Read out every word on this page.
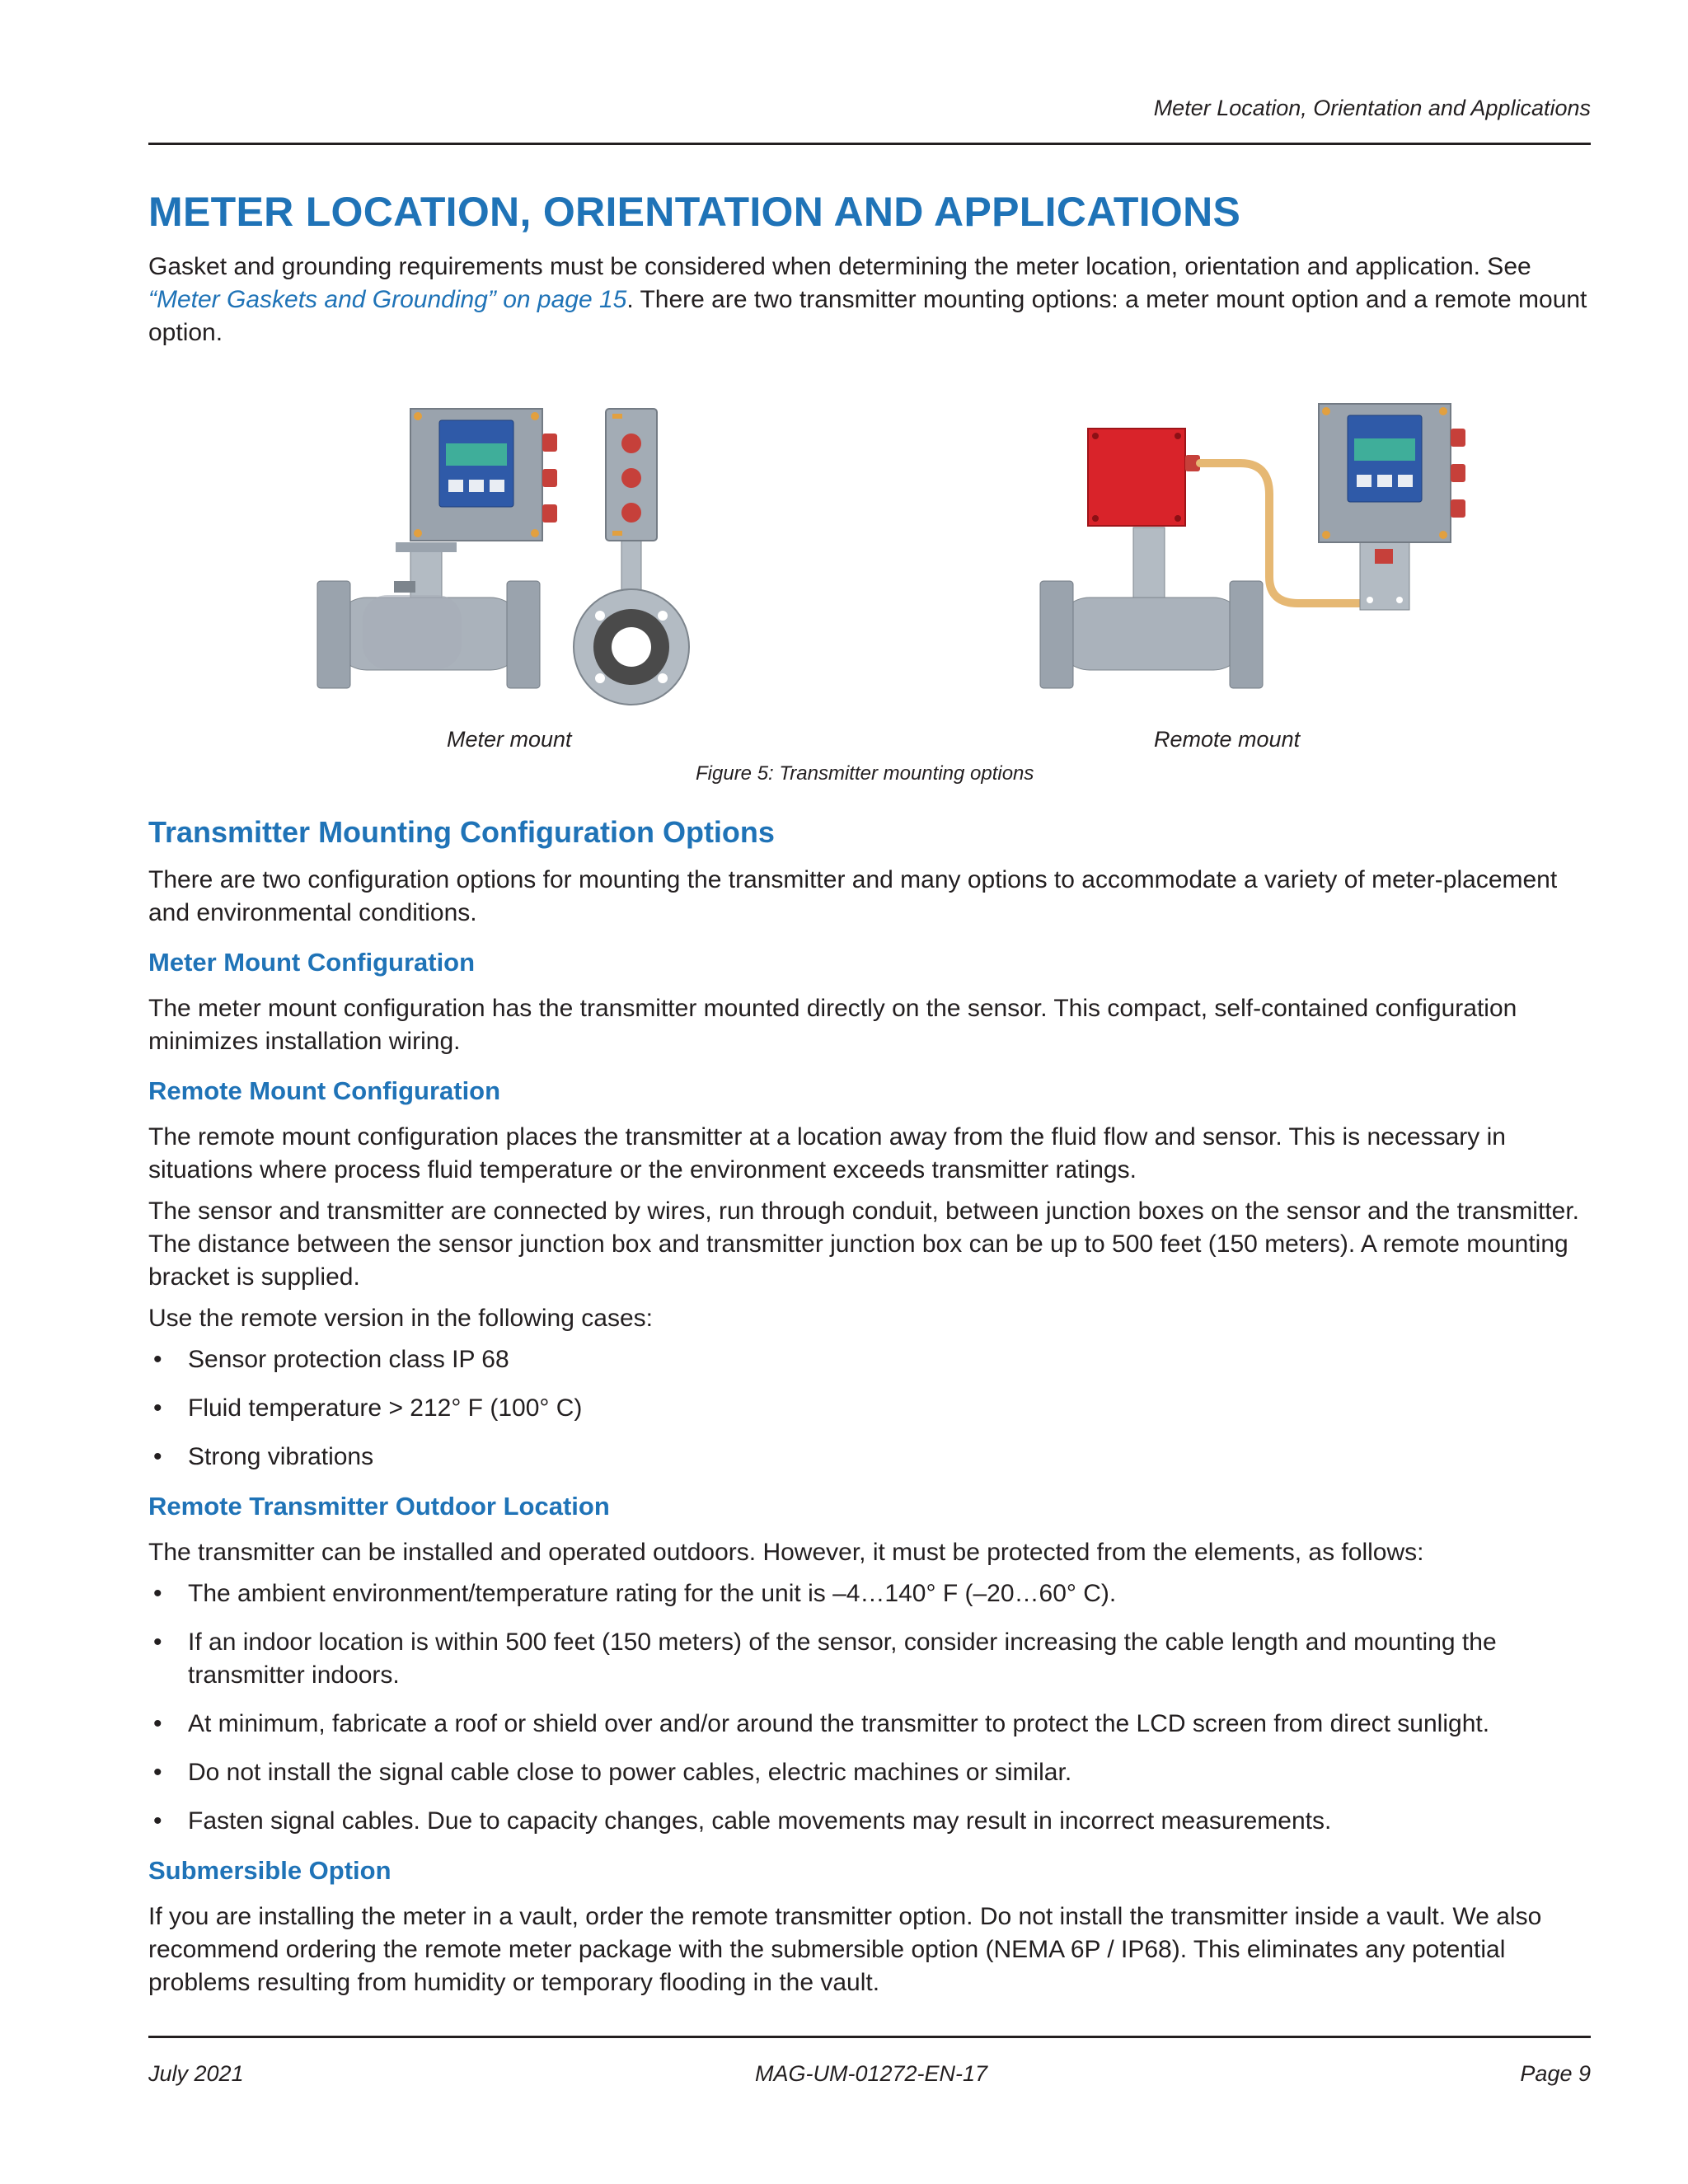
Meter Location, Orientation and Applications
METER LOCATION, ORIENTATION AND APPLICATIONS

Gasket and grounding requirements must be considered when determining the meter location, orientation and application. See “Meter Gaskets and Grounding” on page 15. There are two transmitter mounting options: a meter mount option and a remote mount option.

Meter mount	Remote mount
Figure 5: Transmitter mounting options
Transmitter Mounting Configuration Options

There are two configuration options for mounting the transmitter and many options to accommodate a variety of meter-placement and environmental conditions.

Meter Mount Configuration

The meter mount configuration has the transmitter mounted directly on the sensor. This compact, self-contained configuration minimizes installation wiring.

Remote Mount Configuration

The remote mount configuration places the transmitter at a location away from the fluid flow and sensor. This is necessary in situations where process fluid temperature or the environment exceeds transmitter ratings.

The sensor and transmitter are connected by wires, run through conduit, between junction boxes on the sensor and the transmitter. The distance between the sensor junction box and transmitter junction box can be up to 500 feet (150 meters). A remote mounting bracket is supplied.

Use the remote version in the following cases:

• Sensor protection class IP 68
• Fluid temperature > 212° F (100° C)
• Strong vibrations
Remote Transmitter Outdoor Location

The transmitter can be installed and operated outdoors. However, it must be protected from the elements, as follows:

• The ambient environment/temperature rating for the unit is –4…140° F (–20…60° C).
• If an indoor location is within 500 feet (150 meters) of the sensor, consider increasing the cable length and mounting the transmitter indoors.
• At minimum, fabricate a roof or shield over and/or around the transmitter to protect the LCD screen from direct sunlight.
• Do not install the signal cable close to power cables, electric machines or similar.
• Fasten signal cables. Due to capacity changes, cable movements may result in incorrect measurements.
Submersible Option

If you are installing the meter in a vault, order the remote transmitter option. Do not install the transmitter inside a vault. We also recommend ordering the remote meter package with the submersible option (NEMA 6P / IP68). This eliminates any potential problems resulting from humidity or temporary flooding in the vault.

July 2021	MAG-UM-01272-EN-17	Page 9
